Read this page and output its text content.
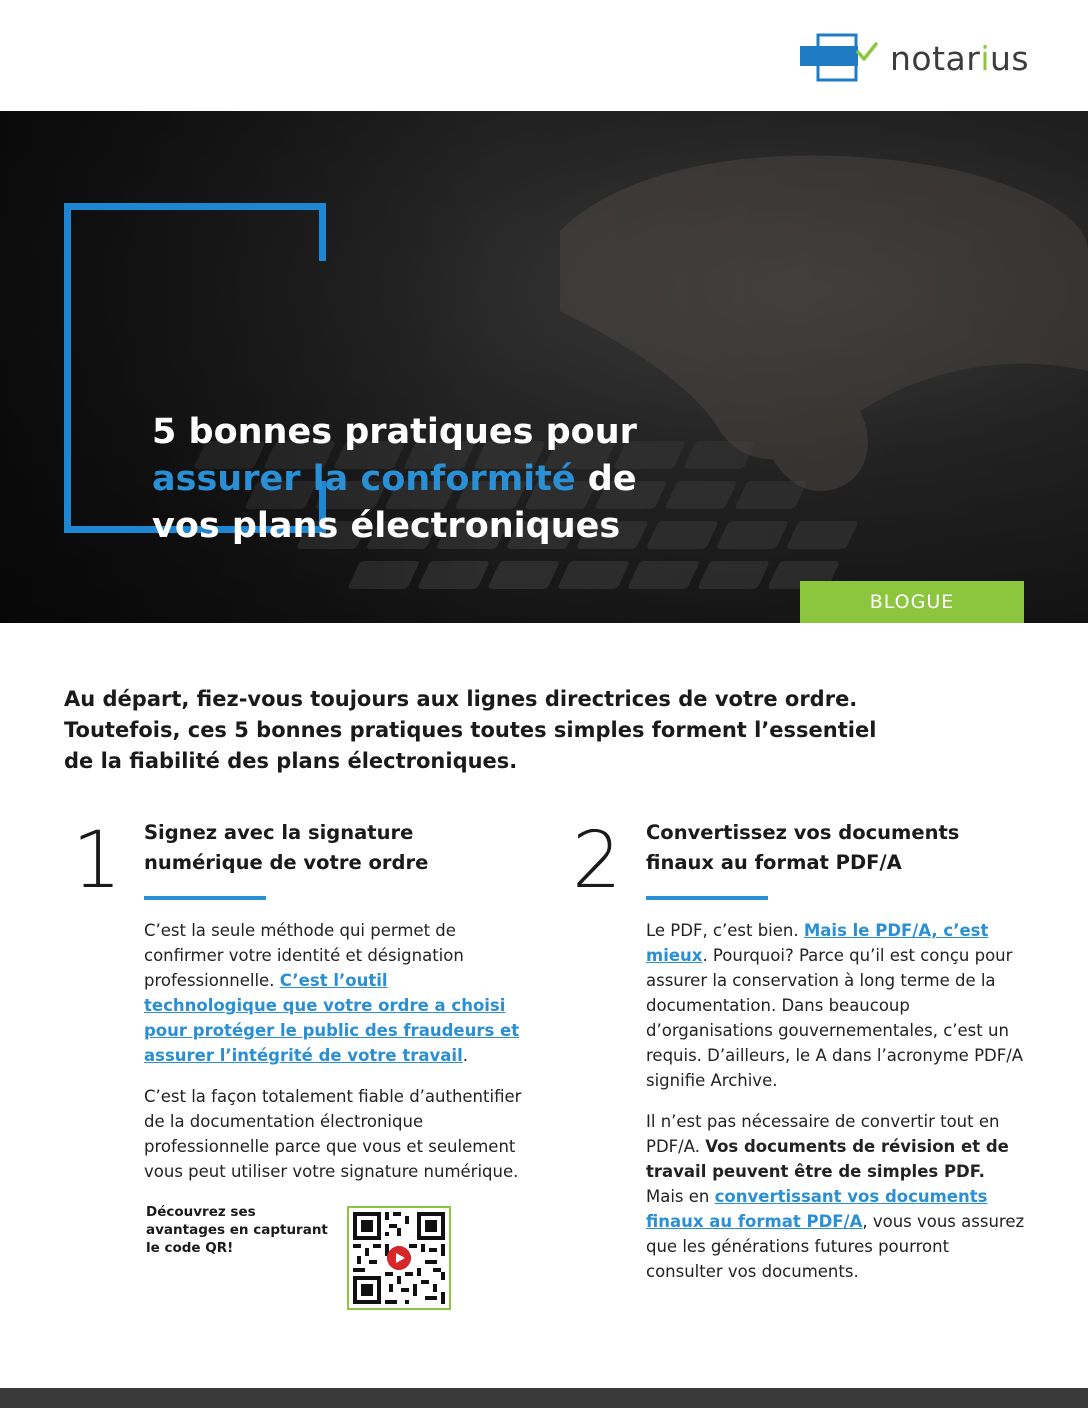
notarius
5 bonnes pratiques pour
assurer la conformité de
vos plans électroniques
BLOGUE
Au départ, fiez-vous toujours aux lignes directrices de votre ordre.
Toutefois, ces 5 bonnes pratiques toutes simples forment l’essentiel
de la fiabilité des plans électroniques.
1 Signez avec la signature
numérique de votre ordre

C’est la seule méthode qui permet de confirmer votre identité et désignation professionnelle. C’est l’outil technologique que votre ordre a choisi pour protéger le public des fraudeurs et assurer l’intégrité de votre travail.

C’est la façon totalement fiable d’authentifier de la documentation électronique professionnelle parce que vous et seulement vous peut utiliser votre signature numérique.

Découvrez ses avantages en capturant le code QR!
2 Convertissez vos documents
finaux au format PDF/A

Le PDF, c’est bien. Mais le PDF/A, c’est mieux. Pourquoi? Parce qu’il est conçu pour assurer la conservation à long terme de la documentation. Dans beaucoup d’organisations gouvernementales, c’est un requis. D’ailleurs, le A dans l’acronyme PDF/A signifie Archive.

Il n’est pas nécessaire de convertir tout en PDF/A. Vos documents de révision et de travail peuvent être de simples PDF. Mais en convertissant vos documents finaux au format PDF/A, vous vous assurez que les générations futures pourront consulter vos documents.
